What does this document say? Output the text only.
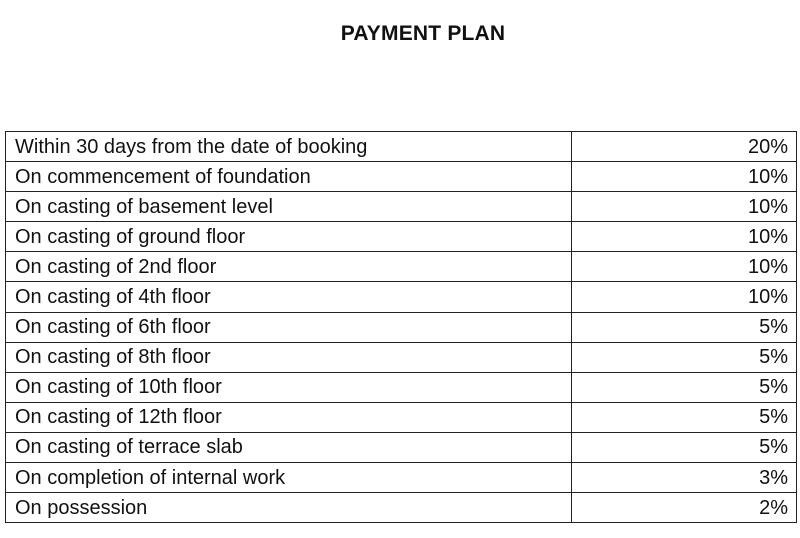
PAYMENT PLAN
Within 30 days from the date of booking	20%
On commencement of foundation	10%
On casting of basement level	10%
On casting of ground floor	10%
On casting of 2nd floor	10%
On casting of 4th floor	10%
On casting of 6th floor	5%
On casting of 8th floor	5%
On casting of 10th floor	5%
On casting of 12th floor	5%
On casting of terrace slab	5%
On completion of internal work	3%
On possession	2%
